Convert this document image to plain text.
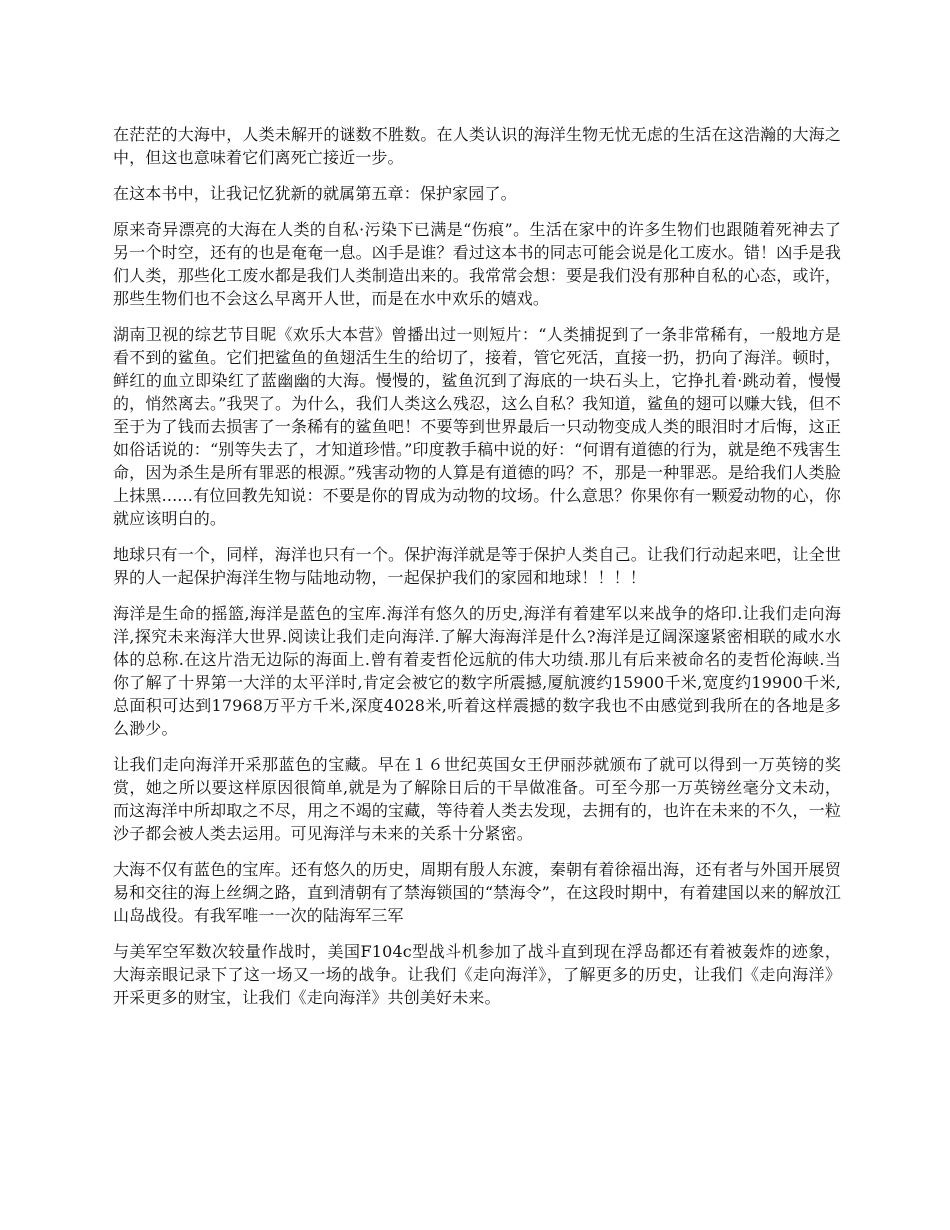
在茫茫的大海中，人类未解开的谜数不胜数。在人类认识的海洋生物无忧无虑的生活在这浩瀚的大海之中，但这也意味着它们离死亡接近一步。

在这本书中，让我记忆犹新的就属第五章：保护家园了。

原来奇异漂亮的大海在人类的自私·污染下已满是“伤痕”。生活在家中的许多生物们也跟随着死神去了另一个时空，还有的也是奄奄一息。凶手是谁？看过这本书的同志可能会说是化工废水。错！凶手是我们人类，那些化工废水都是我们人类制造出来的。我常常会想：要是我们没有那种自私的心态，或许，那些生物们也不会这么早离开人世，而是在水中欢乐的嬉戏。

湖南卫视的综艺节目昵《欢乐大本营》曾播出过一则短片：“人类捕捉到了一条非常稀有，一般地方是看不到的鲨鱼。它们把鲨鱼的鱼翅活生生的给切了，接着，管它死活，直接一扔，扔向了海洋。顿时，鲜红的血立即染红了蓝幽幽的大海。慢慢的，鲨鱼沉到了海底的一块石头上，它挣扎着·跳动着，慢慢的，悄然离去。”我哭了。为什么，我们人类这么残忍，这么自私？我知道，鲨鱼的翅可以赚大钱，但不至于为了钱而去损害了一条稀有的鲨鱼吧！不要等到世界最后一只动物变成人类的眼泪时才后悔，这正如俗话说的：“别等失去了，才知道珍惜。”印度教手稿中说的好：“何谓有道德的行为，就是绝不残害生命，因为杀生是所有罪恶的根源。”残害动物的人算是有道德的吗？不，那是一种罪恶。是给我们人类脸上抹黑......有位回教先知说：不要是你的胃成为动物的坟场。什么意思？你果你有一颗爱动物的心，你就应该明白的。

地球只有一个，同样，海洋也只有一个。保护海洋就是等于保护人类自己。让我们行动起来吧，让全世界的人一起保护海洋生物与陆地动物，一起保护我们的家园和地球！！！！

海洋是生命的摇篮,海洋是蓝色的宝库.海洋有悠久的历史,海洋有着建军以来战争的烙印.让我们走向海洋,探究未来海洋大世界.阅读让我们走向海洋.了解大海海洋是什么?海洋是辽阔深邃紧密相联的咸水水体的总称.在这片浩无边际的海面上.曾有着麦哲伦远航的伟大功绩.那儿有后来被命名的麦哲伦海峡.当你了解了十界第一大洋的太平洋时,肯定会被它的数字所震撼,厦航渡约15900千米,宽度约19900千米,总面积可达到17968万平方千米,深度4028米,听着这样震撼的数字我也不由感觉到我所在的各地是多么渺少。

让我们走向海洋开采那蓝色的宝藏。早在１６世纪英国女王伊丽莎就颁布了就可以得到一万英镑的奖赏，她之所以要这样原因很简单,就是为了解除日后的干旱做准备。可至今那一万英镑丝毫分文未动，而这海洋中所却取之不尽，用之不竭的宝藏，等待着人类去发现，去拥有的，也许在未来的不久，一粒沙子都会被人类去运用。可见海洋与未来的关系十分紧密。

大海不仅有蓝色的宝库。还有悠久的历史，周期有殷人东渡，秦朝有着徐福出海，还有者与外国开展贸易和交往的海上丝绸之路，直到清朝有了禁海锁国的“禁海令”，在这段时期中，有着建国以来的解放江山岛战役。有我军唯一一次的陆海军三军

与美军空军数次较量作战时，美国F104c型战斗机参加了战斗直到现在浮岛都还有着被轰炸的迹象，大海亲眼记录下了这一场又一场的战争。让我们《走向海洋》，了解更多的历史，让我们《走向海洋》开采更多的财宝，让我们《走向海洋》共创美好未来。
